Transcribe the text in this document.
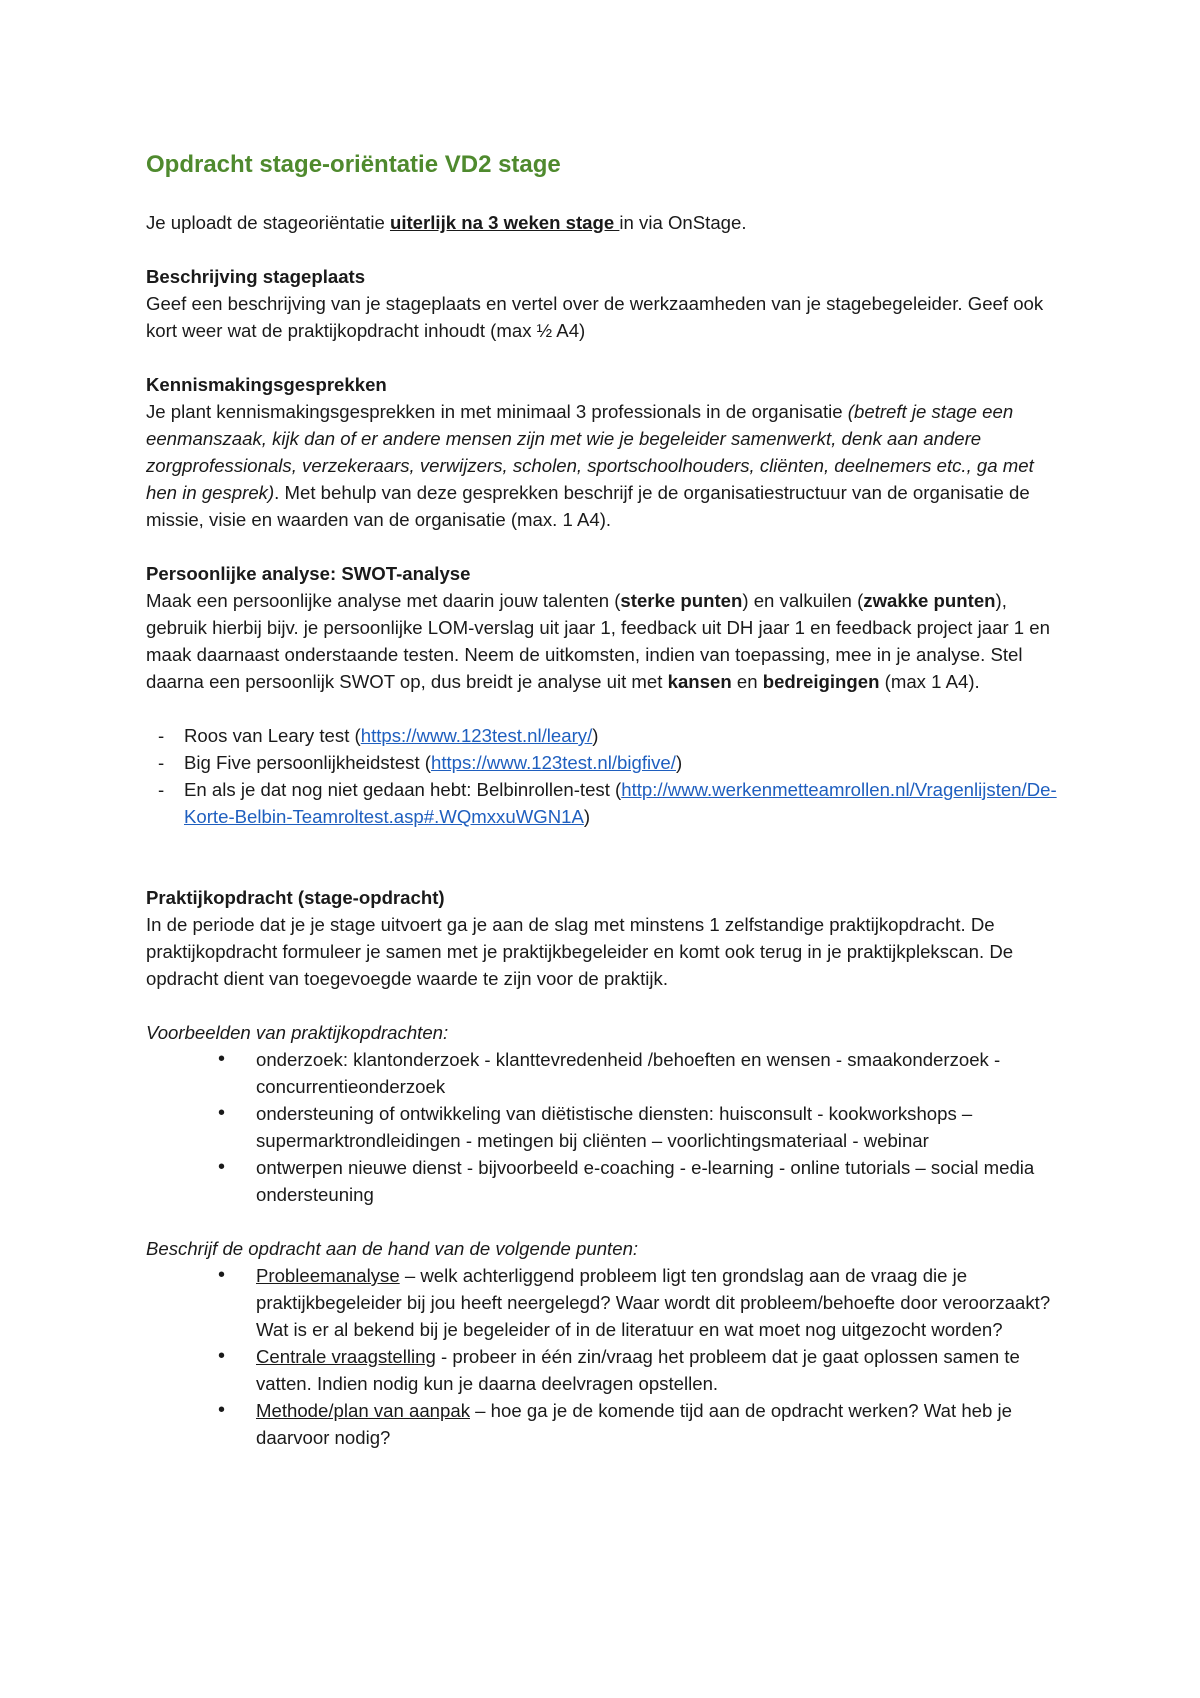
Opdracht stage-oriëntatie VD2 stage

Je uploadt de stageoriëntatie uiterlijk na 3 weken stage in via OnStage.

Beschrijving stageplaats

Geef een beschrijving van je stageplaats en vertel over de werkzaamheden van je stagebegeleider. Geef ook kort weer wat de praktijkopdracht inhoudt (max ½ A4)

Kennismakingsgesprekken

Je plant kennismakingsgesprekken in met minimaal 3 professionals in de organisatie (betreft je stage een eenmanszaak, kijk dan of er andere mensen zijn met wie je begeleider samenwerkt, denk aan andere zorgprofessionals, verzekeraars, verwijzers, scholen, sportschoolhouders, cliënten, deelnemers etc., ga met hen in gesprek). Met behulp van deze gesprekken beschrijf je de organisatiestructuur van de organisatie de missie, visie en waarden van de organisatie (max. 1 A4).

Persoonlijke analyse: SWOT-analyse

Maak een persoonlijke analyse met daarin jouw talenten (sterke punten) en valkuilen (zwakke punten), gebruik hierbij bijv. je persoonlijke LOM-verslag uit jaar 1, feedback uit DH jaar 1 en feedback project jaar 1 en maak daarnaast onderstaande testen. Neem de uitkomsten, indien van toepassing, mee in je analyse. Stel daarna een persoonlijk SWOT op, dus breidt je analyse uit met kansen en bedreigingen (max 1 A4).

- Roos van Leary test (https://www.123test.nl/leary/)
- Big Five persoonlijkheidstest (https://www.123test.nl/bigfive/)
- En als je dat nog niet gedaan hebt: Belbinrollen-test (http://www.werkenmetteamrollen.nl/Vragenlijsten/De-Korte-Belbin-Teamroltest.asp#.WQmxxuWGN1A)

Praktijkopdracht (stage-opdracht)

In de periode dat je je stage uitvoert ga je aan de slag met minstens 1 zelfstandige praktijkopdracht. De praktijkopdracht formuleer je samen met je praktijkbegeleider en komt ook terug in je praktijkplekscan. De opdracht dient van toegevoegde waarde te zijn voor de praktijk.

Voorbeelden van praktijkopdrachten:

• onderzoek: klantonderzoek - klanttevredenheid /behoeften en wensen - smaakonderzoek - concurrentieonderzoek
• ondersteuning of ontwikkeling van diëtistische diensten: huisconsult - kookworkshops – supermarktrondleidingen - metingen bij cliënten – voorlichtingsmateriaal - webinar
• ontwerpen nieuwe dienst - bijvoorbeeld e-coaching - e-learning - online tutorials – social media ondersteuning

Beschrijf de opdracht aan de hand van de volgende punten:

• Probleemanalyse – welk achterliggend probleem ligt ten grondslag aan de vraag die je praktijkbegeleider bij jou heeft neergelegd? Waar wordt dit probleem/behoefte door veroorzaakt? Wat is er al bekend bij je begeleider of in de literatuur en wat moet nog uitgezocht worden?
• Centrale vraagstelling - probeer in één zin/vraag het probleem dat je gaat oplossen samen te vatten. Indien nodig kun je daarna deelvragen opstellen.
• Methode/plan van aanpak – hoe ga je de komende tijd aan de opdracht werken? Wat heb je daarvoor nodig?
